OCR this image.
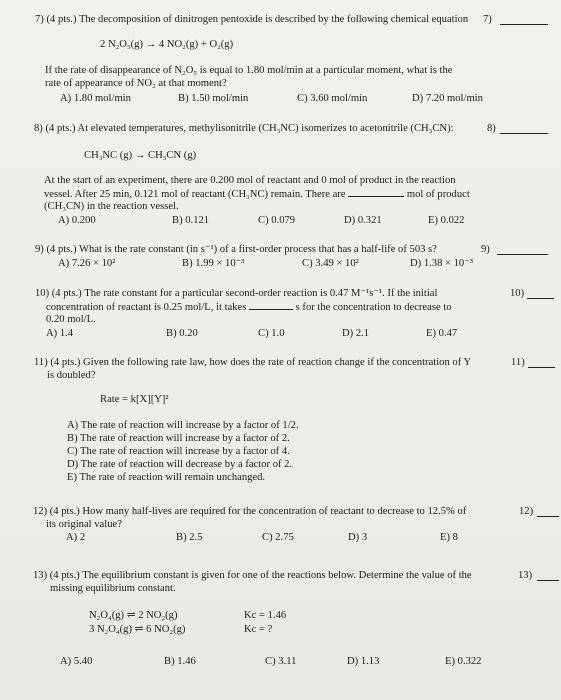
7) (4 pts.) The decomposition of dinitrogen pentoxide is described by the following chemical equation 7)
2 N₂O₅(g) → 4 NO₂(g) + O₂(g)
If the rate of disappearance of N₂O₅ is equal to 1.80 mol/min at a particular moment, what is the
rate of appearance of NO₂ at that moment?
A) 1.80 mol/min	B) 1.50 mol/min	C) 3.60 mol/min	D) 7.20 mol/min
8) (4 pts.) At elevated temperatures, methylisonitrile (CH₃NC) isomerizes to acetonitrile (CH₃CN):	8)
CH₃NC (g) → CH₃CN (g)
At the start of an experiment, there are 0.200 mol of reactant and 0 mol of product in the reaction
vessel. After 25 min, 0.121 mol of reactant (CH₃NC) remain. There are	mol of product
(CH₃CN) in the reaction vessel.
A) 0.200	B) 0.121	C) 0.079	D) 0.321	E) 0.022
9) (4 pts.) What is the rate constant (in s⁻¹) of a first-order process that has a half-life of 503 s?	9)
A) 7.26 × 10²	B) 1.99 × 10⁻³	C) 3.49 × 10²	D) 1.38 × 10⁻³
10) (4 pts.) The rate constant for a particular second-order reaction is 0.47 M⁻¹s⁻¹. If the initial	10)
concentration of reactant is 0.25 mol/L, it takes	s for the concentration to decrease to
0.20 mol/L.
A) 1.4	B) 0.20	C) 1.0	D) 2.1	E) 0.47
11) (4 pts.) Given the following rate law, how does the rate of reaction change if the concentration of Y
is doubled?
11)
Rate = k[X][Y]²
A) The rate of reaction will increase by a factor of 1/2.
B) The rate of reaction will increase by a factor of 2.
C) The rate of reaction will increase by a factor of 4.
D) The rate of reaction will decrease by a factor of 2.
E) The rate of reaction will remain unchanged.
12) (4 pts.) How many half-lives are required for the concentration of reactant to decrease to 12.5% of
its original value?
12)
A) 2	B) 2.5	C) 2.75	D) 3	E) 8
13) (4 pts.) The equilibrium constant is given for one of the reactions below. Determine the value of the
missing equilibrium constant.
13)
N₂O₄(g) ⇌ 2 NO₂(g)	Kc = 1.46
3 N₂O₄(g) ⇌ 6 NO₂(g)	Kc = ?
A) 5.40	B) 1.46	C) 3.11	D) 1.13	E) 0.322
